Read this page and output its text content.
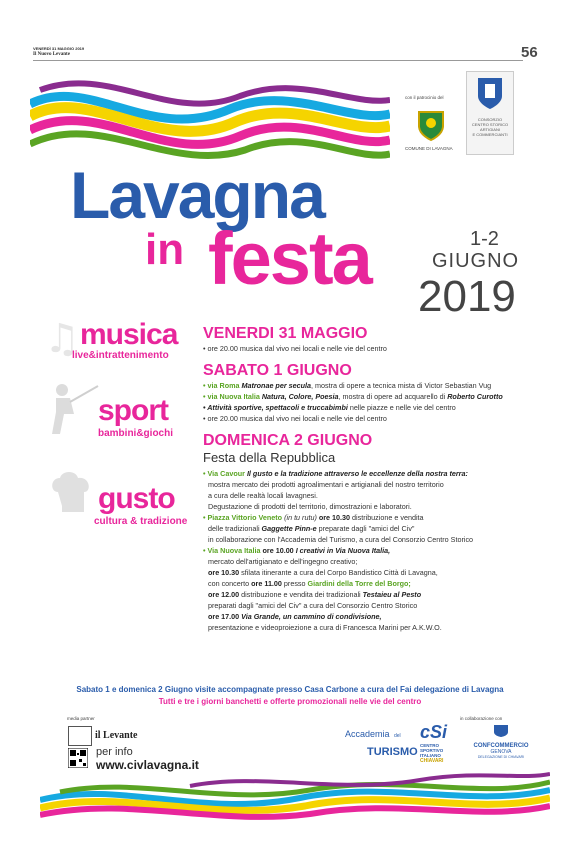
VENERDÌ 31 MAGGIO 2019
Il Nuovo Levante	56
con il patrocinio del
COMUNE DI LAVAGNA
CONSORZIO
CENTRO STORICO
ARTIGIANI
E COMMERCIANTI
Lavagna
in festa	1-2
GIUGNO
2019
♫ musica
live&intrattenimento
sport
bambini&giochi
gusto
cultura & tradizione
VENERDI 31 MAGGIO
• ore 20.00 musica dal vivo nei locali e nelle vie del centro
SABATO 1 GIUGNO
• via Roma Matronae per secula, mostra di opere a tecnica mista di Victor Sebastian Vug
• via Nuova Italia Natura, Colore, Poesia, mostra di opere ad acquarello di Roberto Curotto
• Attività sportive, spettacoli e truccabimbi nelle piazze e nelle vie del centro
• ore 20.00 musica dal vivo nei locali e nelle vie del centro
DOMENICA 2 GIUGNO
Festa della Repubblica
• Via Cavour Il gusto e la tradizione attraverso le eccellenze della nostra terra:
mostra mercato dei prodotti agroalimentari e artigianali del nostro territorio
a cura delle realtà locali lavagnesi.
Degustazione di prodotti del territorio, dimostrazioni e laboratori.
• Piazza Vittorio Veneto (in tu rutu) ore 10.30 distribuzione e vendita
delle tradizionali Gaggette Pinn-e preparate dagli "amici del Civ"
in collaborazione con l'Accademia del Turismo, a cura del Consorzio Centro Storico
• Via Nuova Italia ore 10.00 I creativi in Via Nuova Italia,
mercato dell'artigianato e dell'ingegno creativo;
ore 10.30 sfilata itinerante a cura del Corpo Bandistico Città di Lavagna,
con concerto ore 11.00 presso Giardini della Torre del Borgo;
ore 12.00 distribuzione e vendita dei tradizionali Testaieu al Pesto
preparati dagli "amici del Civ" a cura del Consorzio Centro Storico
ore 17.00 Via Grande, un cammino di condivisione,
presentazione e videoproiezione a cura di Francesca Marini per A.K.W.O.
Sabato 1 e domenica 2 Giugno visite accompagnate presso Casa Carbone a cura del Fai delegazione di Lavagna
Tutti e tre i giorni banchetti e offerte promozionali nelle vie del centro
media partner
il Levante
per info
www.civlavagna.it
in collaborazione con
Accademia del
TURISMO
cSi
CENTRO
SPORTIVO
ITALIANO
CHIAVARI
CONFCOMMERCIO
GENOVA
DELEGAZIONE DI CHIAVARI
